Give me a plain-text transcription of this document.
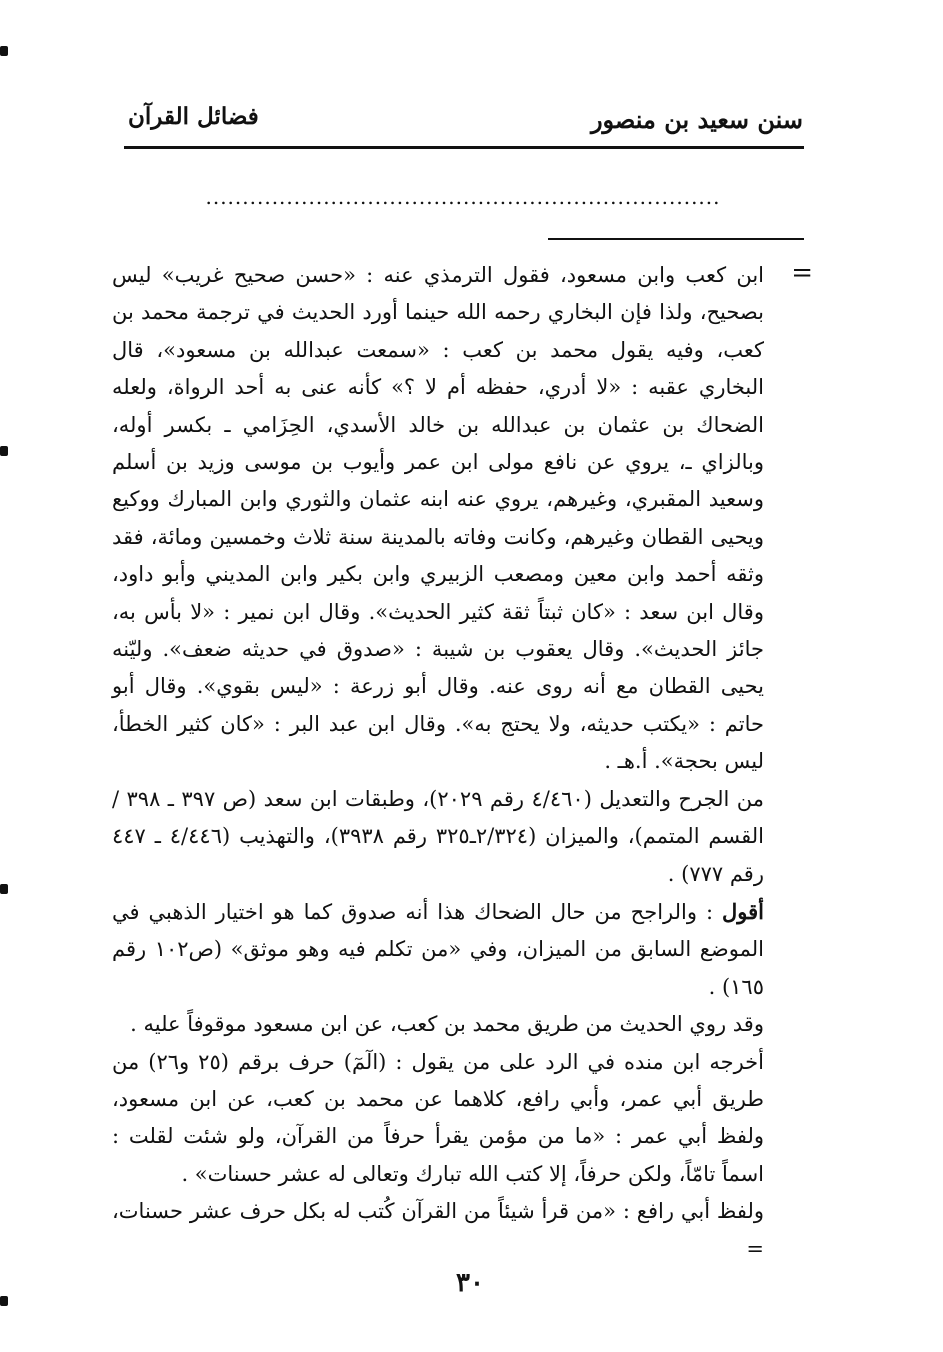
سنن سعيد بن منصور
فضائل القرآن
......................................................................
=

ابن كعب وابن مسعود، فقول الترمذي عنه : «حسن صحيح غريب» ليس بصحيح، ولذا فإن البخاري رحمه الله حينما أورد الحديث في ترجمة محمد بن كعب، وفيه يقول محمد بن كعب : «سمعت عبدالله بن مسعود»، قال البخاري عقبه : «لا أدري، حفظه أم لا ؟» كأنه عنى به أحد الرواة، ولعله الضحاك بن عثمان بن عبدالله بن خالد الأسدي، الحِزَامي ـ بكسر أوله، وبالزاي ـ، يروي عن نافع مولى ابن عمر وأيوب بن موسى وزيد بن أسلم وسعيد المقبري، وغيرهم، يروي عنه ابنه عثمان والثوري وابن المبارك ووكيع ويحيى القطان وغيرهم، وكانت وفاته بالمدينة سنة ثلاث وخمسين ومائة، فقد وثقه أحمد وابن معين ومصعب الزبيري وابن بكير وابن المديني وأبو داود، وقال ابن سعد : «كان ثبتاً ثقة كثير الحديث». وقال ابن نمير : «لا بأس به، جائز الحديث». وقال يعقوب بن شيبة : «صدوق في حديثه ضعف». وليّنه يحيى القطان مع أنه روى عنه. وقال أبو زرعة : «ليس بقوي». وقال أبو حاتم : «يكتب حديثه، ولا يحتج به». وقال ابن عبد البر : «كان كثير الخطأ، ليس بحجة». أ.هـ .

من الجرح والتعديل (٤/٤٦٠ رقم ٢٠٢٩)، وطبقات ابن سعد (ص ٣٩٧ ـ ٣٩٨ / القسم المتمم)، والميزان (٢/٣٢٤ـ٣٢٥ رقم ٣٩٣٨)، والتهذيب (٤/٤٤٦ ـ ٤٤٧ رقم ٧٧٧) .

أقول : والراجح من حال الضحاك هذا أنه صدوق كما هو اختيار الذهبي في الموضع السابق من الميزان، وفي «من تكلم فيه وهو موثق» (ص١٠٢ رقم ١٦٥) .

وقد روي الحديث من طريق محمد بن كعب، عن ابن مسعود موقوفاً عليه .

أخرجه ابن منده في الرد على من يقول : (الٓمٓ) حرف برقم (٢٥ و٢٦) من طريق أبي عمر، وأبي رافع، كلاهما عن محمد بن كعب، عن ابن مسعود، ولفظ أبي عمر : «ما من مؤمن يقرأ حرفاً من القرآن، ولو شئت لقلت : اسماً تامّاً، ولكن حرفاً، إلا كتب الله تبارك وتعالى له عشر حسنات» .

ولفظ أبي رافع : «من قرأ شيئاً من القرآن كُتب له بكل حرف عشر حسنات، =

٣٠
